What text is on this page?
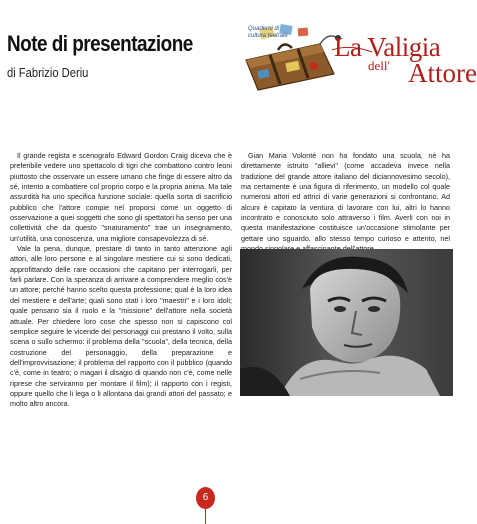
Note di presentazione
di Fabrizio Deriu
Quaderni di cultura teatrale La Valigia
dell' Attore

Il grande regista e scenografo Edward Gordon Craig diceva che è preferibile vedere uno spettacolo di tigri che combattono contro leoni piuttosto che osservare un essere umano che finge di essere altro da sé, intento a combattere col proprio corpo e la propria anima. Ma tale assurdità ha uno specifica funzione sociale: quella sorta di sacrificio pubblico che l'attore compie nel proporsi come un oggetto di osservazione a quei soggetti che sono gli spettatori ha senso per una collettività che da questo "snaturamento" trae un insegnamento, un'utilità, una conoscenza, una migliore consapevolezza di sé.

Vale la pena, dunque, prestare di tanto in tanto attenzione agli attori, alle loro persone e al singolare mestiere cui si sono dedicati, approfittando delle rare occasioni che capitano per interrogarli, per farli parlare. Con la speranza di arrivare a comprendere meglio cos'è un attore; perché hanno scelto questa professione; qual è la loro idea del mestiere e dell'arte; quali sono stati i loro "maestri" e i loro idoli; quale pensano sia il ruolo e la "missione" dell'attore nella società attuale. Per chiedere loro cose che spesso non si capiscono col semplice seguire le vicende dei personaggi cui prestano il volto, sulla scena o sullo schermo: il problema della "scuola", della tecnica, della costruzione del personaggio, della preparazione e dell'improvvisazione; il problema del rapporto con il pubblico (quando c'è, come in teatro; o magari il disagio di quando non c'è, come nelle riprese che serviranno per montare il film); il rapporto con i registi, oppure quello che li lega o li allontana dai grandi attori del passato; e molto altro ancora.

Gian Maria Volonté non ha fondato una scuola, né ha direttamente istruito "allievi" (come accadeva invece nella tradizione del grande attore italiano del diciannovesimo secolo), ma certamente è una figura di riferimento, un modello col quale numerosi attori ed attrici di varie generazioni si confrontano. Ad alcuni è capitato la ventura di lavorare con lui, altri lo hanno incontrato e conosciuto solo attraverso i film. Averli con noi in questa manifestazione costituisce un'occasione stimolante per gettare uno sguardo, allo stesso tempo curioso e attento, nel

6
